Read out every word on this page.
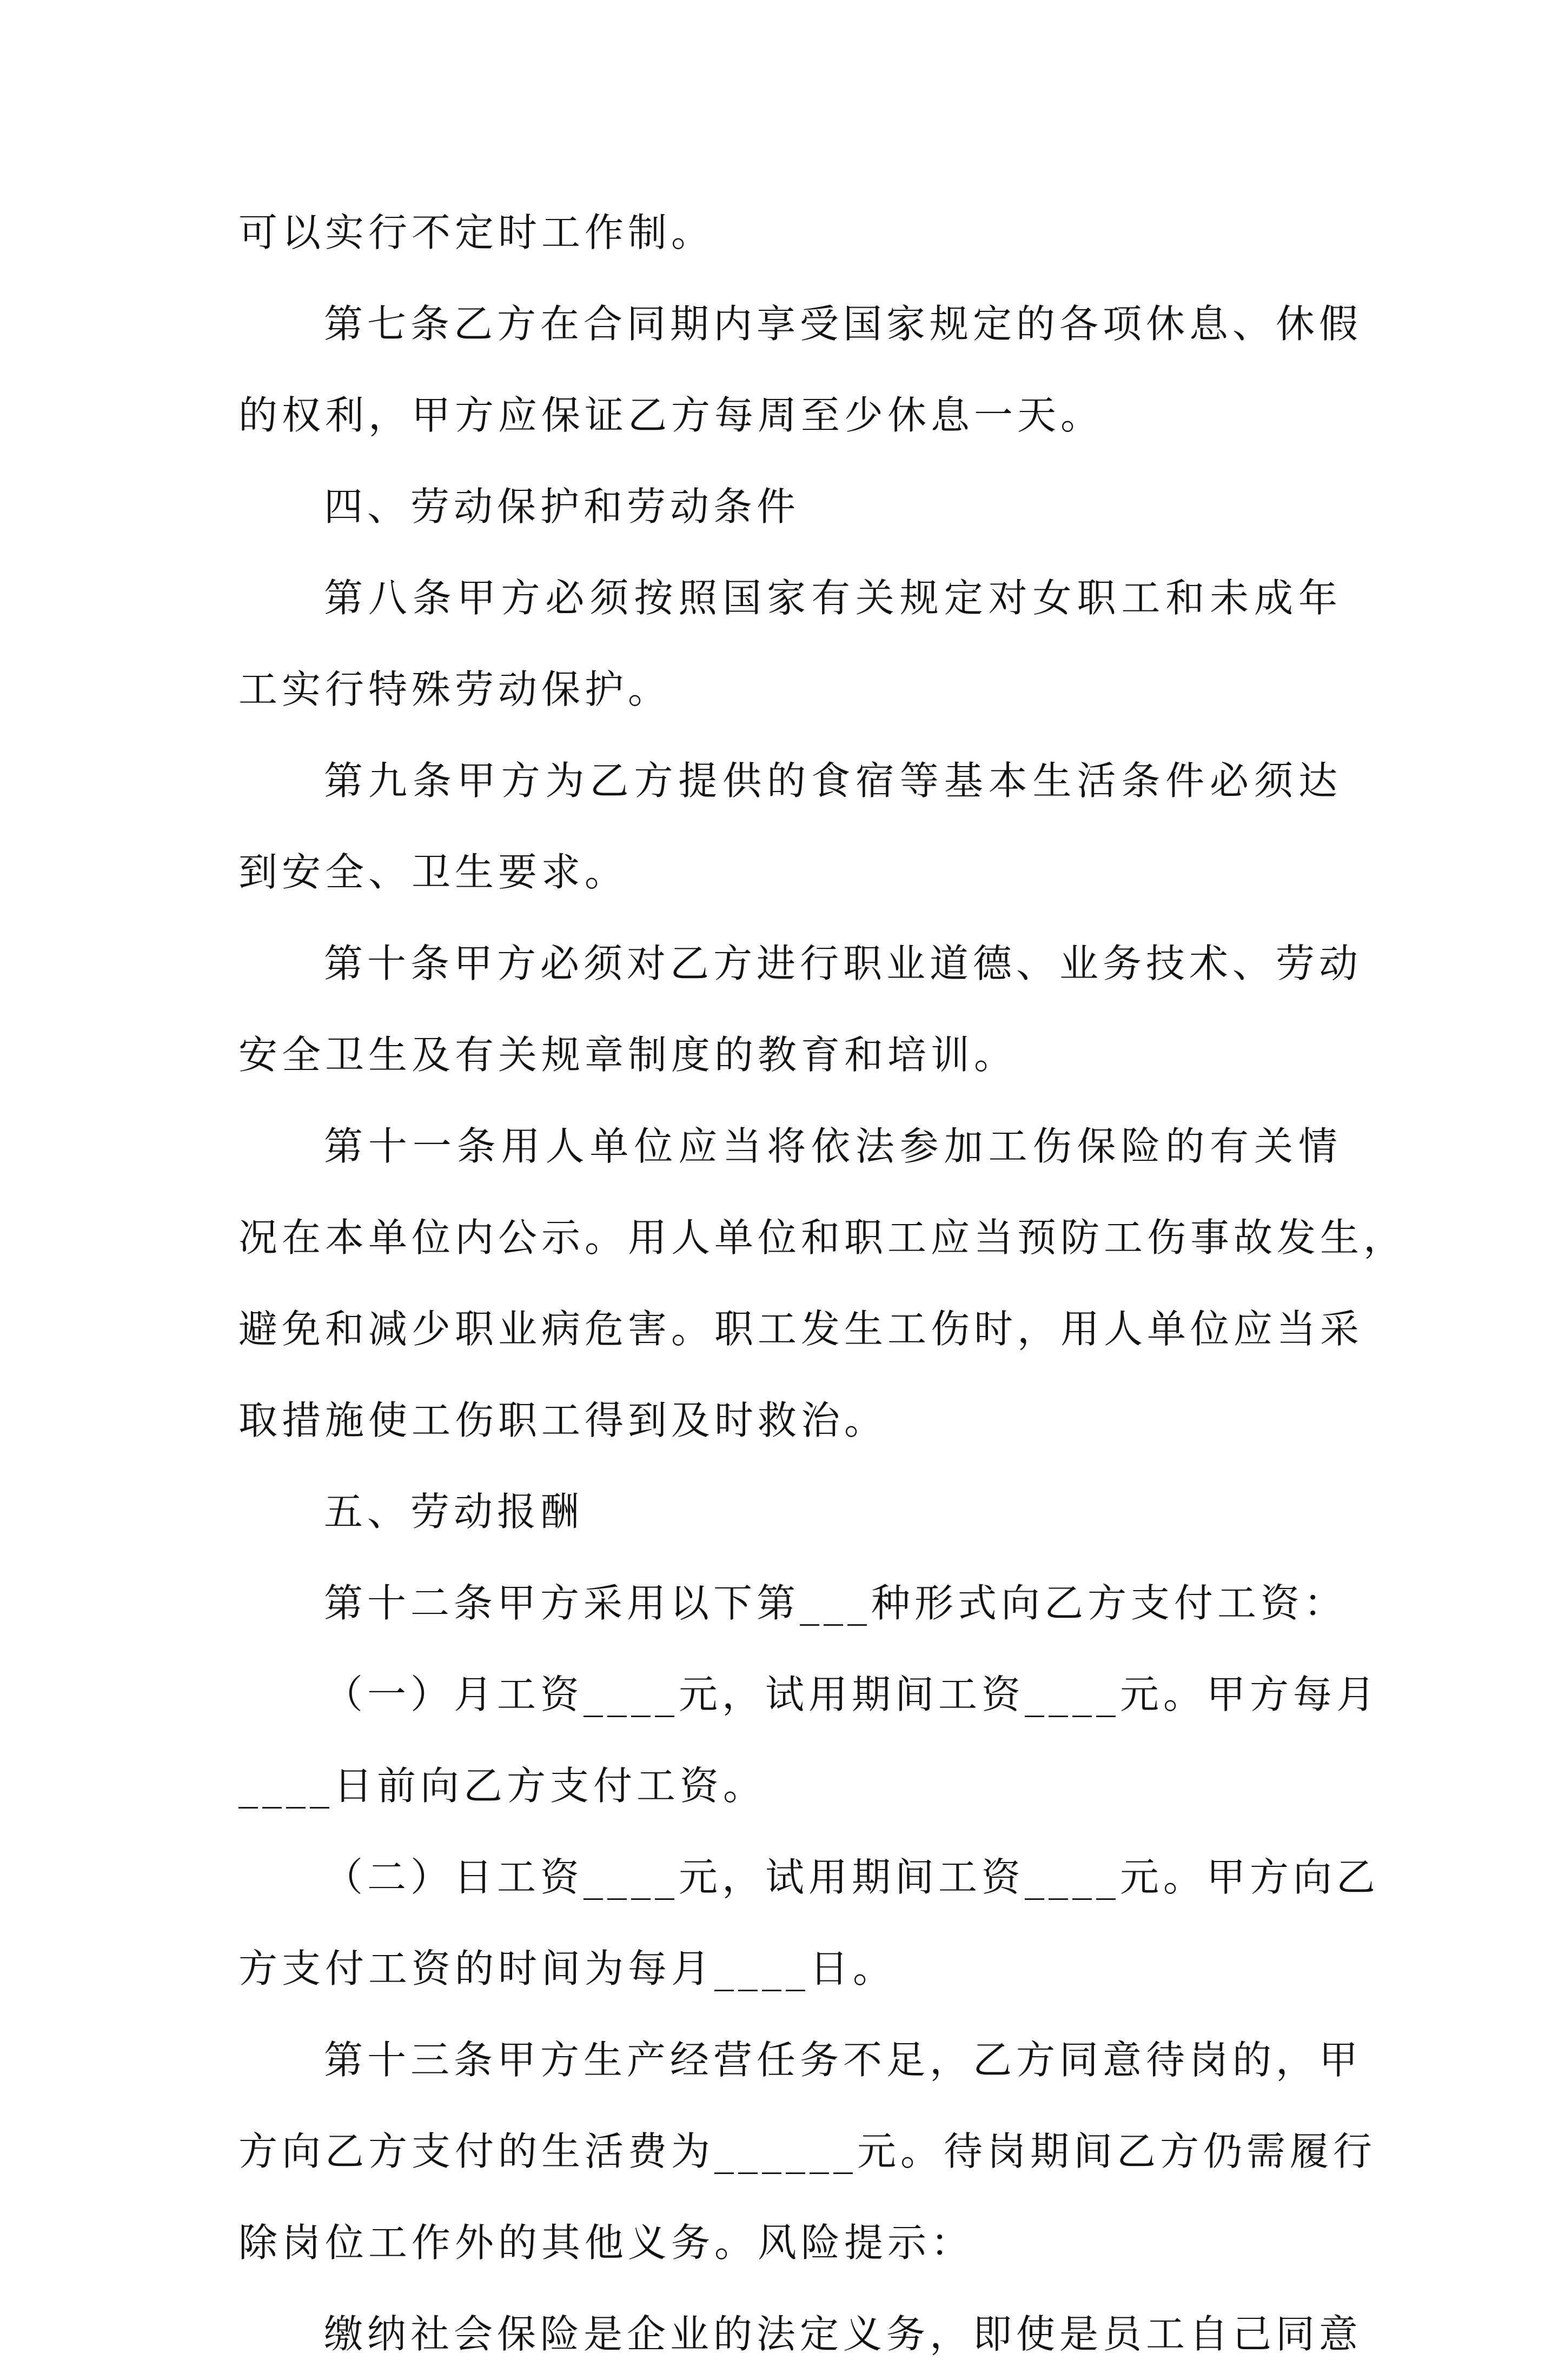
可以实行不定时工作制。
第七条乙方在合同期内享受国家规定的各项休息、休假
的权利，甲方应保证乙方每周至少休息一天。
四、劳动保护和劳动条件
第八条甲方必须按照国家有关规定对女职工和未成年
工实行特殊劳动保护。
第九条甲方为乙方提供的食宿等基本生活条件必须达
到安全、卫生要求。
第十条甲方必须对乙方进行职业道德、业务技术、劳动
安全卫生及有关规章制度的教育和培训。
第十一条用人单位应当将依法参加工伤保险的有关情
况在本单位内公示。用人单位和职工应当预防工伤事故发生，
避免和减少职业病危害。职工发生工伤时，用人单位应当采
取措施使工伤职工得到及时救治。
五、劳动报酬
第十二条甲方采用以下第___种形式向乙方支付工资：
（一）月工资____元，试用期间工资____元。甲方每月
____日前向乙方支付工资。
（二）日工资____元，试用期间工资____元。甲方向乙
方支付工资的时间为每月____日。
第十三条甲方生产经营任务不足，乙方同意待岗的，甲
方向乙方支付的生活费为______元。待岗期间乙方仍需履行
除岗位工作外的其他义务。风险提示：
缴纳社会保险是企业的法定义务，即使是员工自己同意
